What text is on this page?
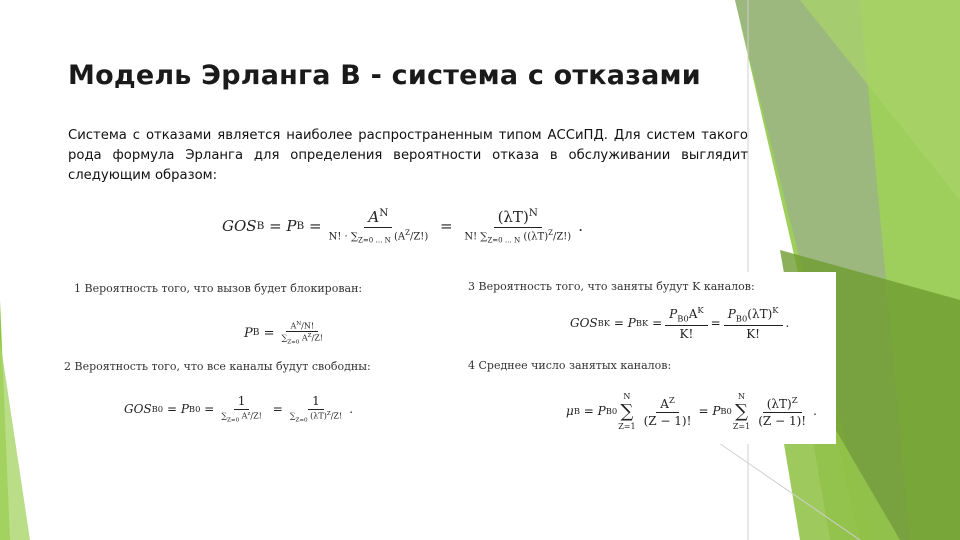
Модель Эрланга В - система с отказами
Система с отказами является наиболее распространенным типом АССиПД. Для систем такого рода формула Эрланга для определения вероятности отказа в обслуживании выглядит следующим образом:
GOS B
= P B
= $\frac{A^N}{N! \cdot \sum_{Z=0 \dots N} (A^Z/Z!)} = \frac{(\lambda T)^N}{N! \sum_{Z=0 \dots N} ((\lambda T)^Z/Z!)}$ .
1 Вероятность того, что вызов будет блокирован:
P $B = \frac{A^N/N!}{\sum_{Z=0} A^Z/Z!}$
2 Вероятность того, что все каналы будут свободны:
GOS B0
= P $B0 = \frac{1}{\sum_{Z=0} A^z/Z!} = \frac{1}{\sum_{Z=0} (\lambda T)^Z/Z!}$ .
3 Вероятность того, что заняты будут K каналов:
GOS BK
= P BK = $\frac{P_{B0}A^K}{K!} = \frac{P_{B0}(\lambda T)^K}{K!}$ .
4 Среднее число занятых каналов:
μ B
= P B0
N
∑
$Z=1 \frac{A^Z}{(Z - 1)!} = P$ B0
N
∑
$Z=1 \frac{(\lambda T)^Z}{(Z - 1)!}$ .
